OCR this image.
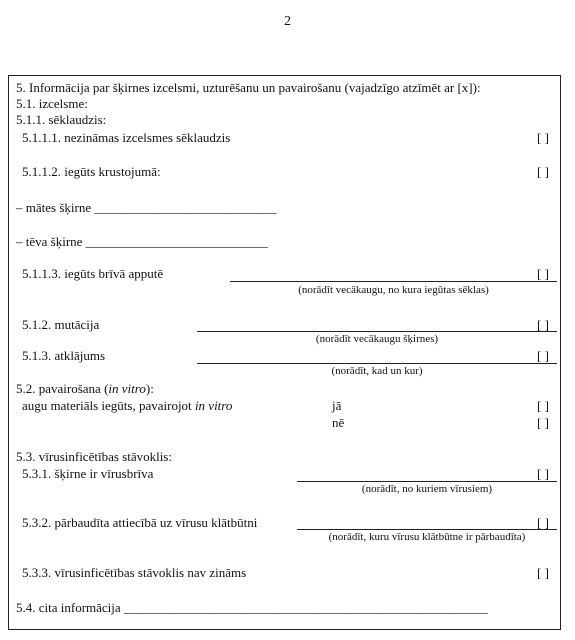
2
5. Informācija par šķirnes izcelsmi, uzturēšanu un pavairošanu (vajadzīgo atzīmēt ar [x]):
5.1. izcelsme:
5.1.1. sēklaudzis:
5.1.1.1. nezināmas izcelsmes sēklaudzis	[ ]
5.1.1.2. iegūts krustojumā:	[ ]
– mātes šķirne ____________________________
– tēva šķirne ____________________________
5.1.1.3. iegūts brīvā apputē	[ ]
(norādīt vecākaugu, no kura iegūtas sēklas)
5.1.2. mutācija	[ ]
(norādīt vecākaugu šķirnes)
5.1.3. atklājums	[ ]
(norādīt, kad un kur)
5.2. pavairošana (in vitro):
augu materiāls iegūts, pavairojot in vitro	jā	[ ]
nē	[ ]
5.3. vīrusinficētības stāvoklis:
5.3.1. šķirne ir vīrusbrīva	[ ]
(norādīt, no kuriem vīrusiem)
5.3.2. pārbaudīta attiecībā uz vīrusu klātbūtni	[ ]
(norādīt, kuru vīrusu klātbūtne ir pārbaudīta)
5.3.3. vīrusinficētības stāvoklis nav zināms	[ ]
5.4. cita informācija ________________________________________________________
